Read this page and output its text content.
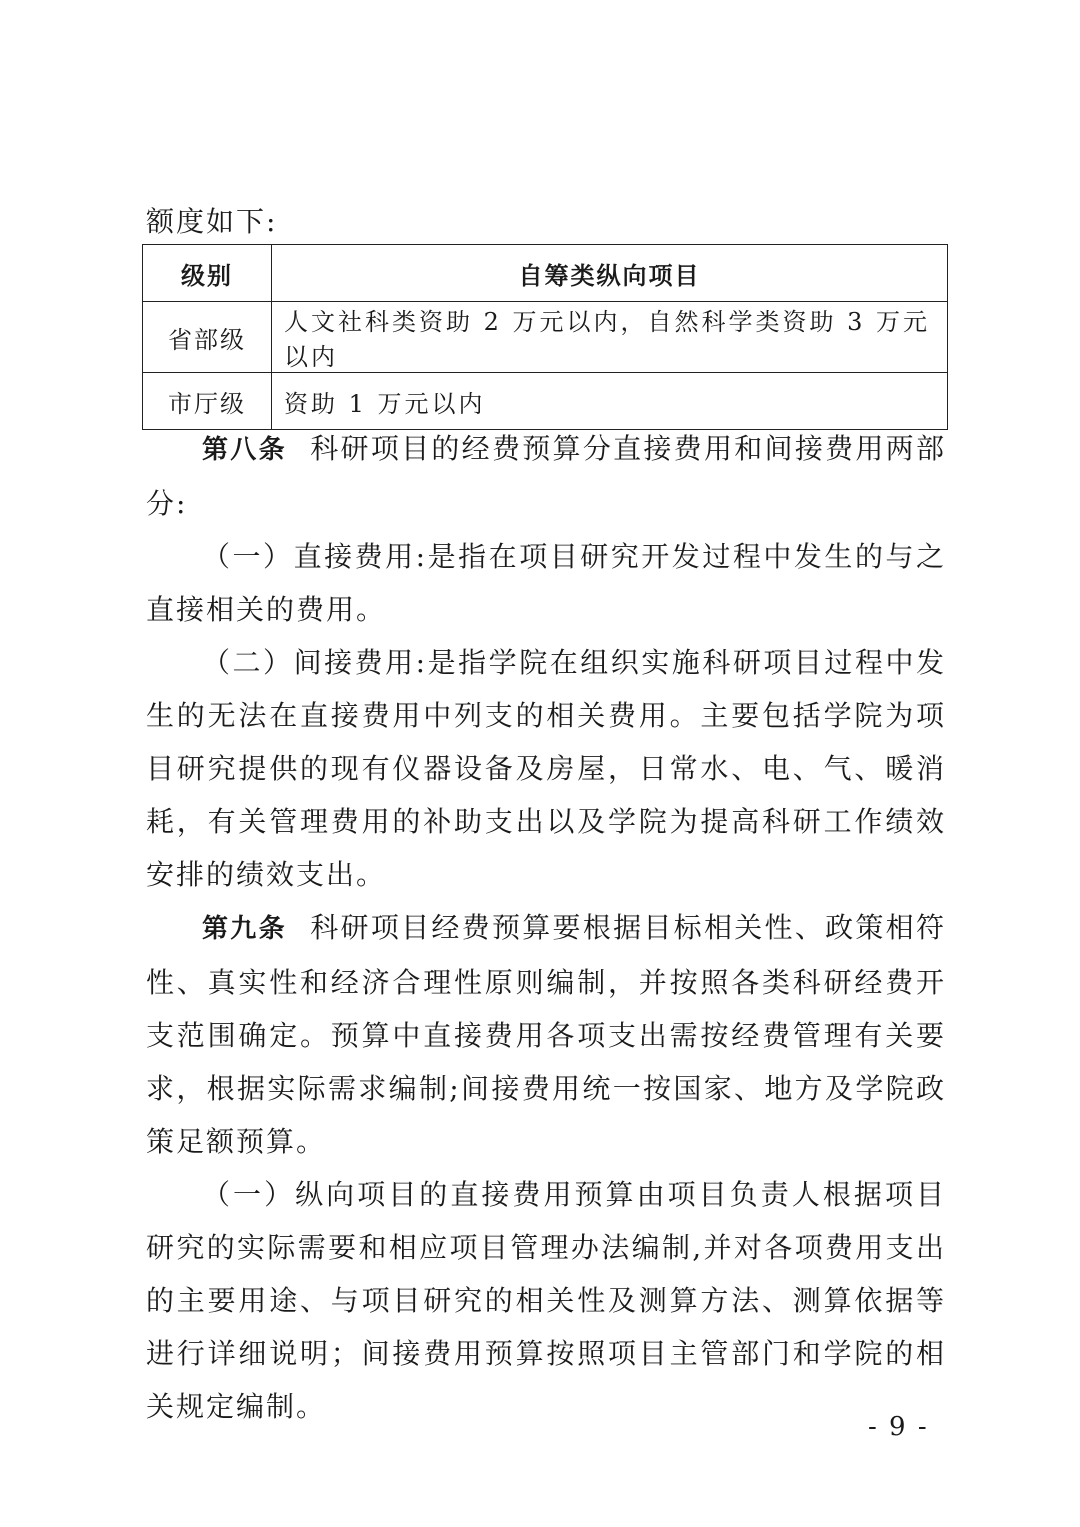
额度如下:
级别	自筹类纵向项目
省部级	人文社科类资助 2 万元以内，自然科学类资助 3 万元以内
市厅级	资助 1 万元以内

第八条 科研项目的经费预算分直接费用和间接费用两部分:

（一）直接费用:是指在项目研究开发过程中发生的与之直接相关的费用。

（二）间接费用:是指学院在组织实施科研项目过程中发生的无法在直接费用中列支的相关费用。主要包括学院为项目研究提供的现有仪器设备及房屋，日常水、电、气、暖消耗，有关管理费用的补助支出以及学院为提高科研工作绩效安排的绩效支出。

第九条 科研项目经费预算要根据目标相关性、政策相符性、真实性和经济合理性原则编制，并按照各类科研经费开支范围确定。预算中直接费用各项支出需按经费管理有关要求，根据实际需求编制;间接费用统一按国家、地方及学院政策足额预算。

（一）纵向项目的直接费用预算由项目负责人根据项目研究的实际需要和相应项目管理办法编制,并对各项费用支出的主要用途、与项目研究的相关性及测算方法、测算依据等进行详细说明；间接费用预算按照项目主管部门和学院的相关规定编制。

- 9 -
